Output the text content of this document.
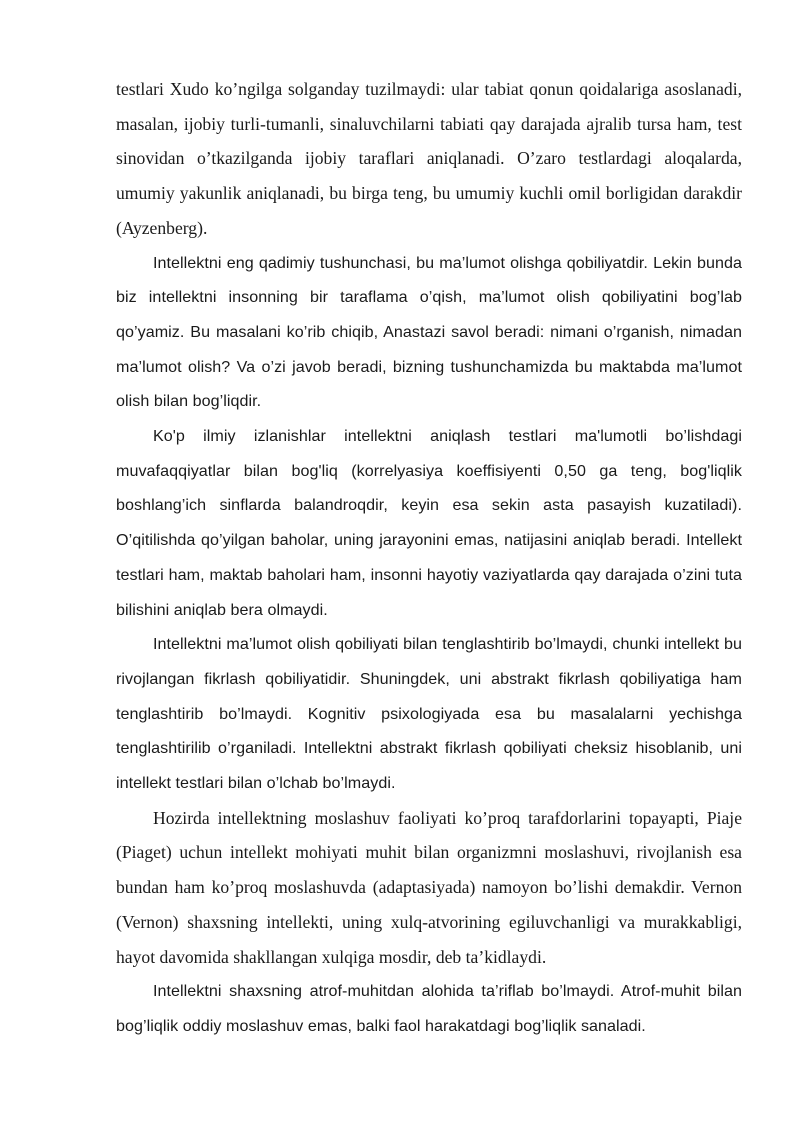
testlari Xudo ko’ngilga solganday tuzilmaydi: ular tabiat qonun qoidalariga asoslanadi, masalan, ijobiy turli-tumanli, sinaluvchilarni tabiati qay darajada ajralib tursa ham, test sinovidan o’tkazilganda ijobiy taraflari aniqlanadi. O’zaro testlardagi aloqalarda, umumiy yakunlik aniqlanadi, bu birga teng, bu umumiy kuchli omil borligidan darakdir (Ayzenberg).

Intellektni eng qadimiy tushunchasi, bu ma’lumot olishga qobiliyatdir. Lekin bunda biz intellektni insonning bir taraflama o’qish, ma’lumot olish qobiliyatini bog’lab qo’yamiz. Bu masalani ko’rib chiqib, Anastazi savol beradi: nimani o’rganish, nimadan ma’lumot olish? Va o’zi javob beradi, bizning tushunchamizda bu maktabda ma’lumot olish bilan bog’liqdir.

Ko'p ilmiy izlanishlar intellektni aniqlash testlari ma'lumotli bo’lishdagi muvafaqqiyatlar bilan bog'liq (korrelyasiya koeffisiyenti 0,50 ga teng, bog'liqlik boshlang’ich sinflarda balandroqdir, keyin esa sekin asta pasayish kuzatiladi). O’qitilishda qo’yilgan baholar, uning jarayonini emas, natijasini aniqlab beradi. Intellekt testlari ham, maktab baholari ham, insonni hayotiy vaziyatlarda qay darajada o’zini tuta bilishini aniqlab bera olmaydi.

Intellektni ma’lumot olish qobiliyati bilan tenglashtirib bo’lmaydi, chunki intellekt bu rivojlangan fikrlash qobiliyatidir. Shuningdek, uni abstrakt fikrlash qobiliyatiga ham tenglashtirib bo’lmaydi. Kognitiv psixologiyada esa bu masalalarni yechishga tenglashtirilib o’rganiladi. Intellektni abstrakt fikrlash qobiliyati cheksiz hisoblanib, uni intellekt testlari bilan o’lchab bo’lmaydi.

Hozirda intellektning moslashuv faoliyati ko’proq tarafdorlarini topayapti, Piaje (Piaget) uchun intellekt mohiyati muhit bilan organizmni moslashuvi, rivojlanish esa bundan ham ko’proq moslashuvda (adaptasiyada) namoyon bo’lishi demakdir. Vernon (Vernon) shaxsning intellekti, uning xulq-atvorining egiluvchanligi va murakkabligi, hayot davomida shakllangan xulqiga mosdir, deb ta’kidlaydi.

Intellektni shaxsning atrof-muhitdan alohida ta’riflab bo’lmaydi. Atrof-muhit bilan bog’liqlik oddiy moslashuv emas, balki faol harakatdagi bog’liqlik sanaladi.
